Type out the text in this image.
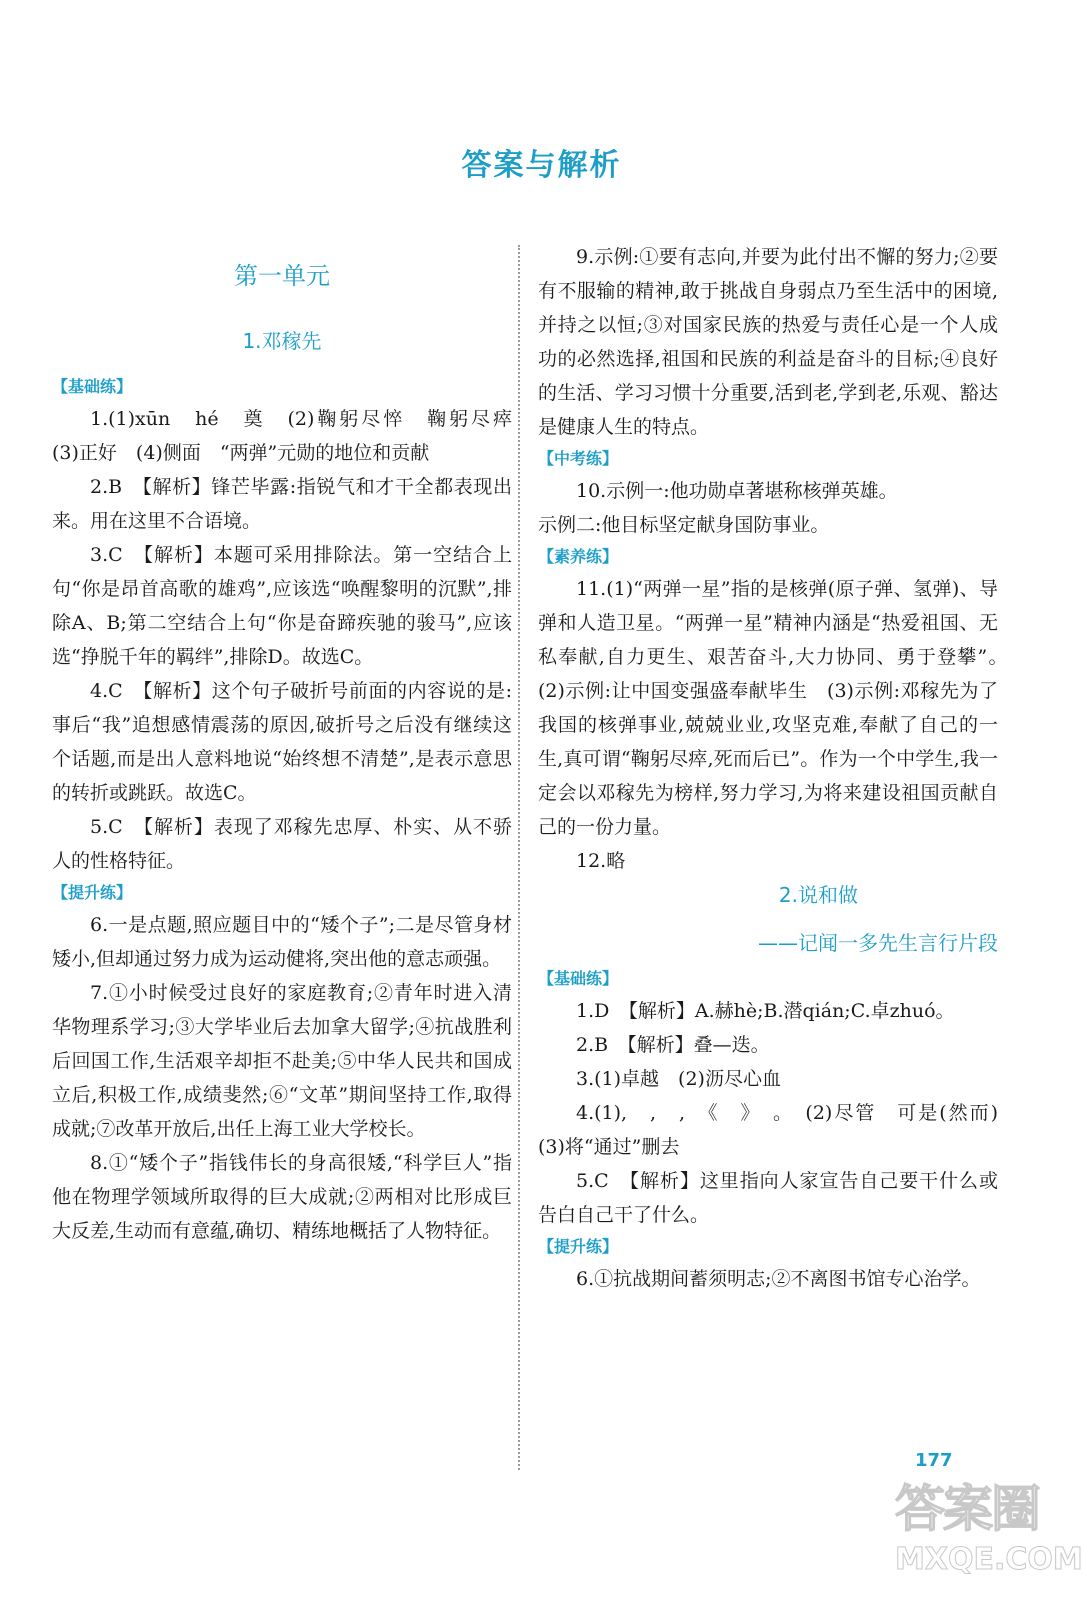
答案与解析
第一单元
1.邓稼先
【基础练】

1.(1)xūn　hé　奠　(2)鞠躬尽悴　鞠躬尽瘁　(3)正好　(4)侧面　“两弹”元勋的地位和贡献

2.B　【解析】锋芒毕露:指锐气和才干全都表现出来。用在这里不合语境。

3.C　【解析】本题可采用排除法。第一空结合上句“你是昂首高歌的雄鸡”,应该选“唤醒黎明的沉默”,排除A、B;第二空结合上句“你是奋蹄疾驰的骏马”,应该选“挣脱千年的羁绊”,排除D。故选C。

4.C　【解析】这个句子破折号前面的内容说的是:事后“我”追想感情震荡的原因,破折号之后没有继续这个话题,而是出人意料地说“始终想不清楚”,是表示意思的转折或跳跃。故选C。

5.C　【解析】表现了邓稼先忠厚、朴实、从不骄人的性格特征。

【提升练】

6.一是点题,照应题目中的“矮个子”;二是尽管身材矮小,但却通过努力成为运动健将,突出他的意志顽强。

7.①小时候受过良好的家庭教育;②青年时进入清华物理系学习;③大学毕业后去加拿大留学;④抗战胜利后回国工作,生活艰辛却拒不赴美;⑤中华人民共和国成立后,积极工作,成绩斐然;⑥“文革”期间坚持工作,取得成就;⑦改革开放后,出任上海工业大学校长。

8.①“矮个子”指钱伟长的身高很矮,“科学巨人”指他在物理学领域所取得的巨大成就;②两相对比形成巨大反差,生动而有意蕴,确切、精练地概括了人物特征。

9.示例:①要有志向,并要为此付出不懈的努力;②要有不服输的精神,敢于挑战自身弱点乃至生活中的困境,并持之以恒;③对国家民族的热爱与责任心是一个人成功的必然选择,祖国和民族的利益是奋斗的目标;④良好的生活、学习习惯十分重要,活到老,学到老,乐观、豁达是健康人生的特点。

【中考练】

10.示例一:他功勋卓著堪称核弹英雄。

示例二:他目标坚定献身国防事业。

【素养练】

11.(1)“两弹一星”指的是核弹(原子弹、氢弹)、导弹和人造卫星。“两弹一星”精神内涵是“热爱祖国、无私奉献,自力更生、艰苦奋斗,大力协同、勇于登攀”。　(2)示例:让中国变强盛奉献毕生　(3)示例:邓稼先为了我国的核弹事业,兢兢业业,攻坚克难,奉献了自己的一生,真可谓“鞠躬尽瘁,死而后已”。作为一个中学生,我一定会以邓稼先为榜样,努力学习,为将来建设祖国贡献自己的一份力量。

12.略

2.说和做
——记闻一多先生言行片段
【基础练】

1.D　【解析】A.赫hè;B.潜qián;C.卓zhuó。

2.B　【解析】叠—迭。

3.(1)卓越　(2)沥尽心血

4.(1),　,　,　《　》　。　(2)尽管　可是(然而)　(3)将“通过”删去

5.C　【解析】这里指向人家宣告自己要干什么或告白自己干了什么。

【提升练】

6.①抗战期间蓄须明志;②不离图书馆专心治学。

177
答案圈
MXQE.COM
